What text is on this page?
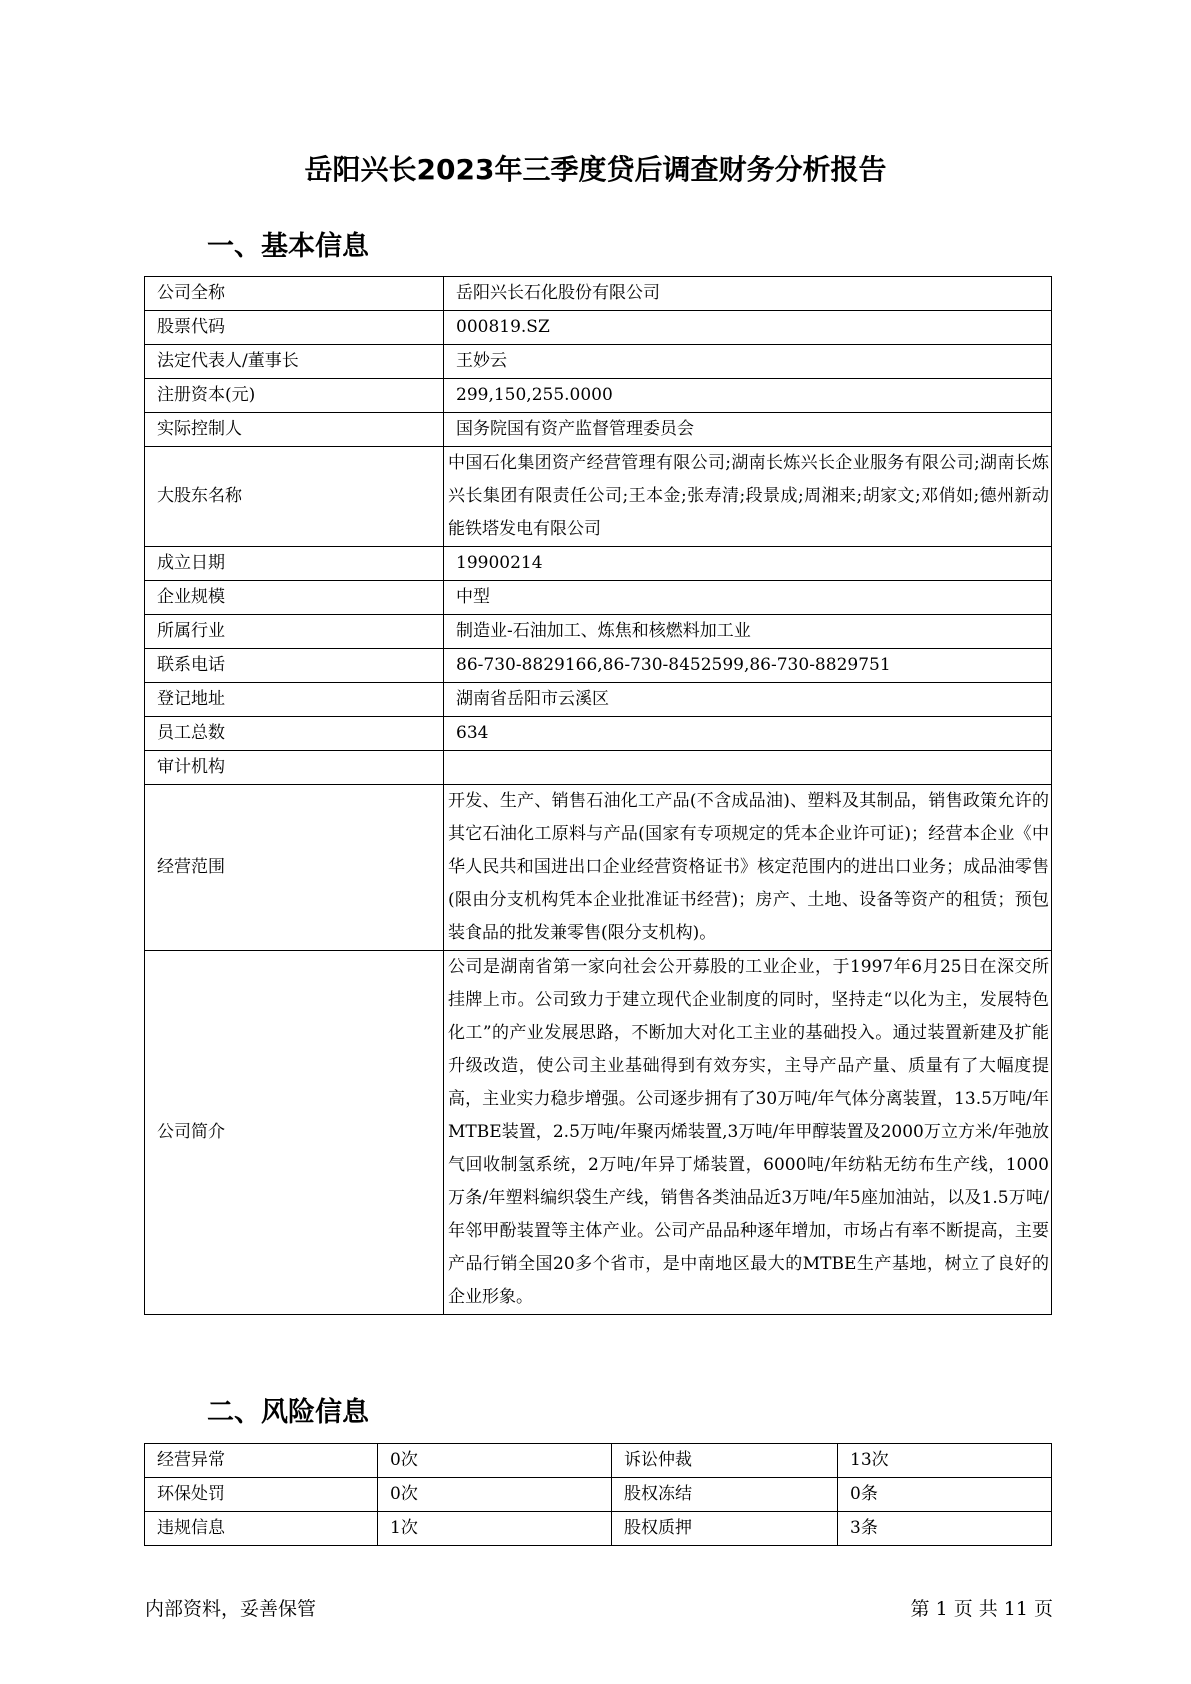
岳阳兴长2023年三季度贷后调查财务分析报告
一、基本信息
公司全称	岳阳兴长石化股份有限公司
股票代码	000819.SZ
法定代表人/董事长	王妙云
注册资本(元)	299,150,255.0000
实际控制人	国务院国有资产监督管理委员会
大股东名称	中国石化集团资产经营管理有限公司;湖南长炼兴长企业服务有限公司;湖南长炼兴长集团有限责任公司;王本金;张寿清;段景成;周湘来;胡家文;邓俏如;德州新动能铁塔发电有限公司
成立日期	19900214
企业规模	中型
所属行业	制造业-石油加工、炼焦和核燃料加工业
联系电话	86-730-8829166,86-730-8452599,86-730-8829751
登记地址	湖南省岳阳市云溪区
员工总数	634
审计机构	
经营范围	开发、生产、销售石油化工产品(不含成品油)、塑料及其制品，销售政策允许的其它石油化工原料与产品(国家有专项规定的凭本企业许可证)；经营本企业《中华人民共和国进出口企业经营资格证书》核定范围内的进出口业务；成品油零售(限由分支机构凭本企业批准证书经营)；房产、土地、设备等资产的租赁；预包装食品的批发兼零售(限分支机构)。
公司简介	公司是湖南省第一家向社会公开募股的工业企业，于1997年6月25日在深交所挂牌上市。公司致力于建立现代企业制度的同时，坚持走“以化为主，发展特色化工”的产业发展思路，不断加大对化工主业的基础投入。通过装置新建及扩能升级改造，使公司主业基础得到有效夯实，主导产品产量、质量有了大幅度提高，主业实力稳步增强。公司逐步拥有了30万吨/年气体分离装置，13.5万吨/年MTBE装置，2.5万吨/年聚丙烯装置,3万吨/年甲醇装置及2000万立方米/年弛放气回收制氢系统，2万吨/年异丁烯装置，6000吨/年纺粘无纺布生产线，1000万条/年塑料编织袋生产线，销售各类油品近3万吨/年5座加油站，以及1.5万吨/年邻甲酚装置等主体产业。公司产品品种逐年增加，市场占有率不断提高，主要产品行销全国20多个省市，是中南地区最大的MTBE生产基地，树立了良好的企业形象。
二、风险信息
经营异常	0次	诉讼仲裁	13次
环保处罚	0次	股权冻结	0条
违规信息	1次	股权质押	3条
内部资料，妥善保管	第 1 页 共 11 页
